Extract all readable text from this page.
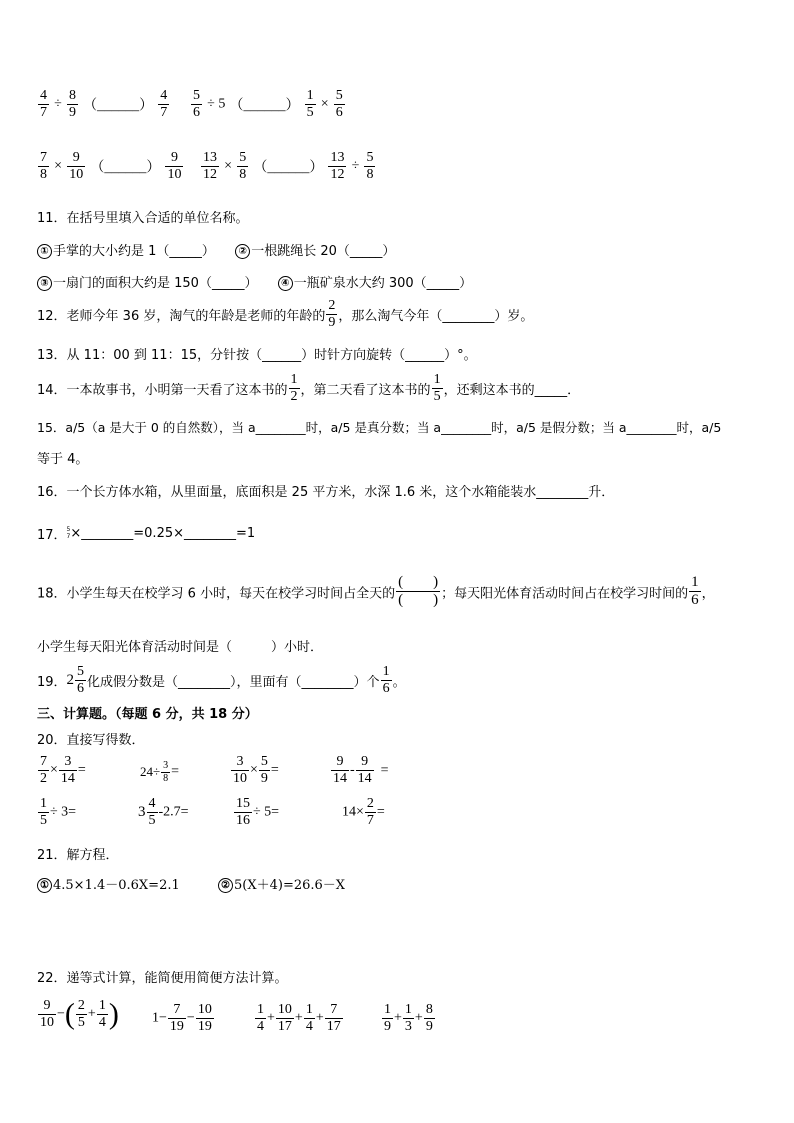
$\frac{4}{7} \div \frac{8}{9}$ （______） $\frac{4}{7} \frac{5}{6} \div 5$ （______） $\frac{1}{5} \times \frac{5}{6}$
$\frac{7}{8} \times \frac{9}{10}$ （______） $\frac{9}{10} \frac{13}{12} \times \frac{5}{8}$ （______） $\frac{13}{12} \div \frac{5}{8}$
11．在括号里填入合适的单位名称。
① 手掌的大小约是 1（_____） ② 一根跳绳长 20（_____）
③ 一扇门的面积大约是 150（_____） ④ 一瓶矿泉水大约 300（_____）
12．老师今年 36 岁，淘气的年龄是老师的年龄的 $\frac{2}{9}$ ，那么淘气今年（________）岁。
13．从 11：00 到 11：15，分针按（______）时针方向旋转（______）°。
14．一本故事书，小明第一天看了这本书的 $\frac{1}{2}$ ，第二天看了这本书的 $\frac{1}{5}$ ，还剩这本书的_____．
15．a/5（a 是大于 0 的自然数），当 a________时，a/5 是真分数；当 a________时，a/5 是假分数；当 a________时，a/5
等于 4。
16．一个长方体水箱，从里面量，底面积是 25 平方米，水深 1.6 米，这个水箱能装水________升．
17． 5
7 ×________=0.25×________=1
18．小学生每天在校学习 6 小时，每天在校学习时间占全天的 $\frac{( )}{( )}$ ；每天阳光体育活动时间占在校学习时间的 $\frac{1}{6}$ ，
小学生每天阳光体育活动时间是（　　　）小时．
19．$2 \frac{5}{6}$ 化成假分数是（________），里面有（________）个 $\frac{1}{6}$ 。
三、计算题。（每题 6 分，共 18 分）
20．直接写得数．
$\frac{7}{2} \times \frac{3}{14}$ =	$24\div \frac{3}{8}$ =	$\frac{3}{10} \times \frac{5}{9}$ =	$\frac{9}{14} - \frac{9}{14}$ =
$\frac{1}{5} \div 3=$	$3 \frac{4}{5} -2.7=$	$\frac{15}{16} \div 5=$	$14\times \frac{2}{7}$ =
21．解方程．
① 4.5×1.4－0.6X=2.1	② 5(X＋4)=26.6－X
22．递等式计算，能简便用简便方法计算。
$\frac{9}{10}$ −( $\frac{2}{5} + \frac{1}{4}$ ) $1- \frac{7}{19} - \frac{10}{19}$	$\frac{1}{4} + \frac{10}{17} + \frac{1}{4} + \frac{7}{17}$	$\frac{1}{9} + \frac{1}{3} + \frac{8}{9}$
